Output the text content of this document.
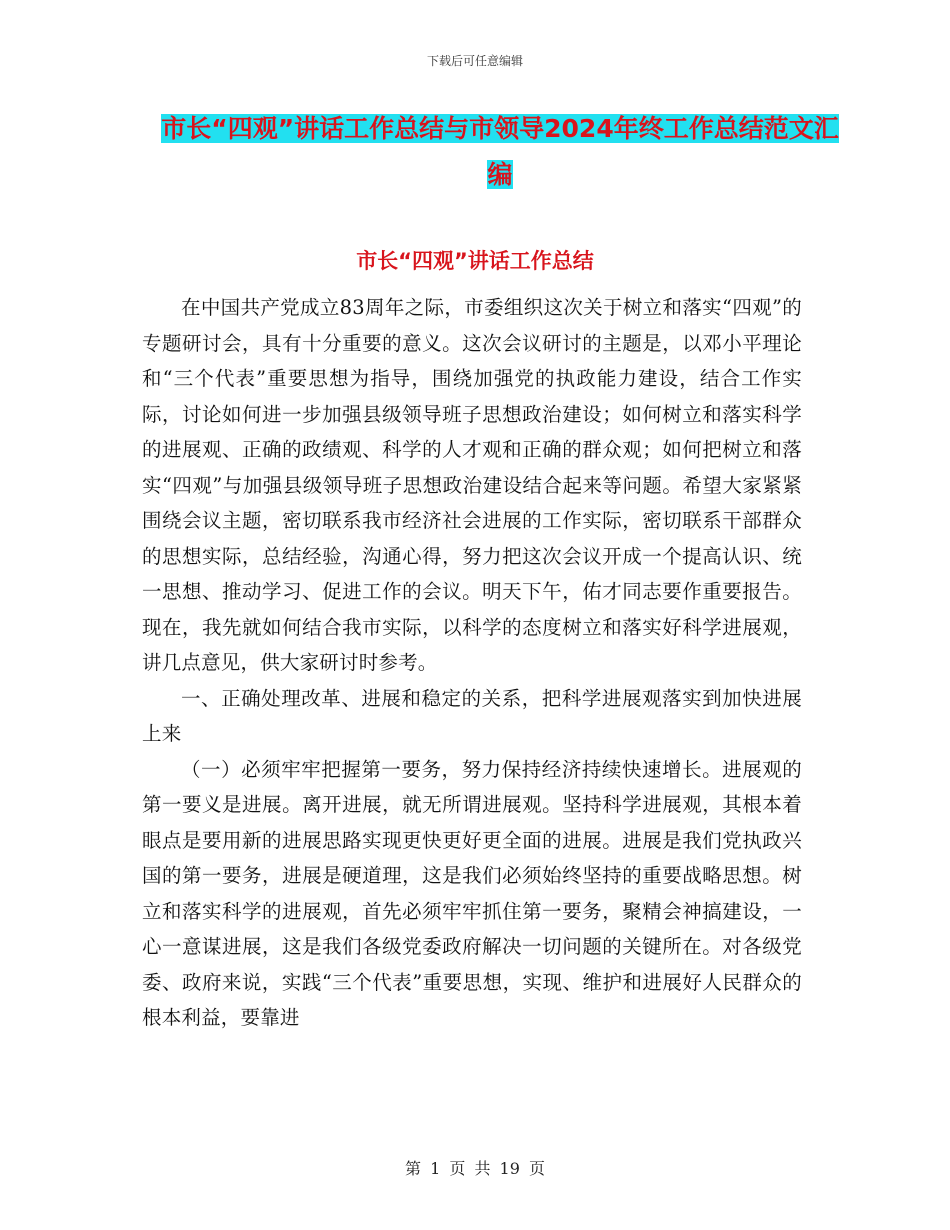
下载后可任意编辑
市长“四观”讲话工作总结与市领导2024年终工作总结范文汇编
市长“四观”讲话工作总结

在中国共产党成立83周年之际，市委组织这次关于树立和落实“四观”的专题研讨会，具有十分重要的意义。这次会议研讨的主题是，以邓小平理论和“三个代表”重要思想为指导，围绕加强党的执政能力建设，结合工作实际，讨论如何进一步加强县级领导班子思想政治建设；如何树立和落实科学的进展观、正确的政绩观、科学的人才观和正确的群众观；如何把树立和落实“四观”与加强县级领导班子思想政治建设结合起来等问题。希望大家紧紧围绕会议主题，密切联系我市经济社会进展的工作实际，密切联系干部群众的思想实际，总结经验，沟通心得，努力把这次会议开成一个提高认识、统一思想、推动学习、促进工作的会议。明天下午，佑才同志要作重要报告。现在，我先就如何结合我市实际，以科学的态度树立和落实好科学进展观，讲几点意见，供大家研讨时参考。

一、正确处理改革、进展和稳定的关系，把科学进展观落实到加快进展上来

（一）必须牢牢把握第一要务，努力保持经济持续快速增长。进展观的第一要义是进展。离开进展，就无所谓进展观。坚持科学进展观，其根本着眼点是要用新的进展思路实现更快更好更全面的进展。进展是我们党执政兴国的第一要务，进展是硬道理，这是我们必须始终坚持的重要战略思想。树立和落实科学的进展观，首先必须牢牢抓住第一要务，聚精会神搞建设，一心一意谋进展，这是我们各级党委政府解决一切问题的关键所在。对各级党委、政府来说，实践“三个代表”重要思想，实现、维护和进展好人民群众的根本利益，要靠进

第 1 页 共 19 页
